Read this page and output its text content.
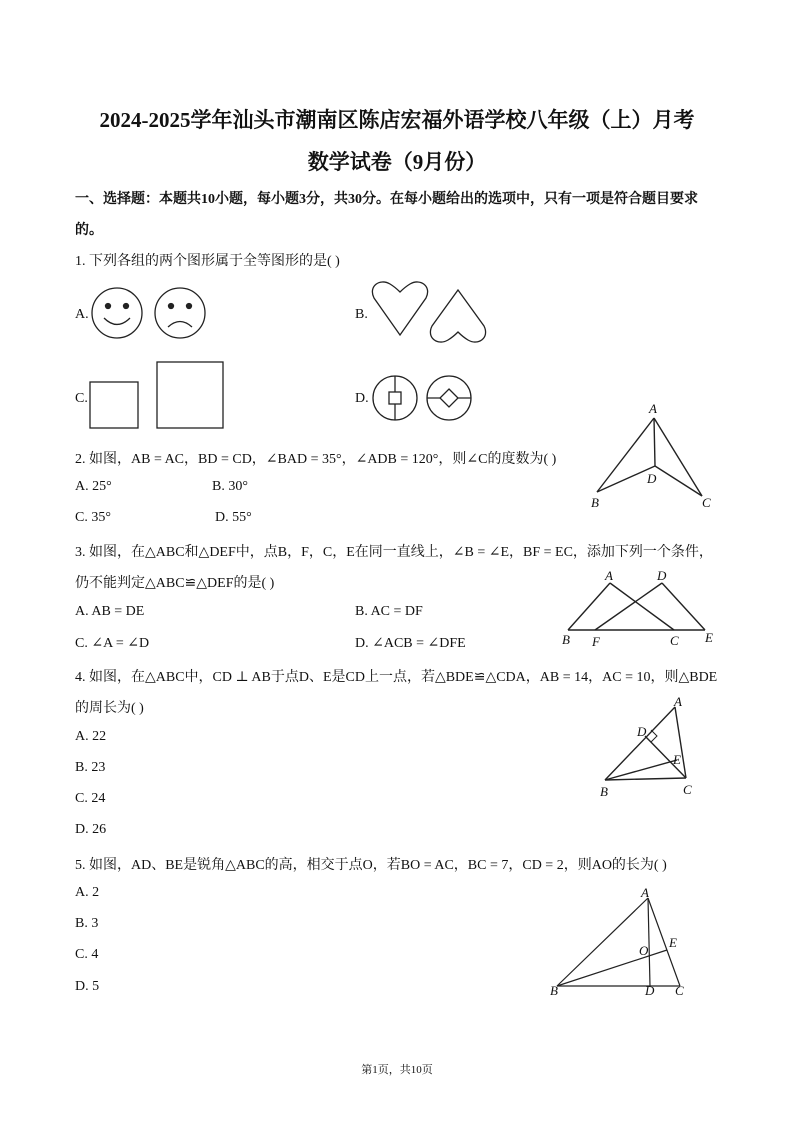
2024-2025学年汕头市潮南区陈店宏福外语学校八年级（上）月考
数学试卷（9月份）
一、选择题：本题共10小题，每小题3分，共30分。在每小题给出的选项中，只有一项是符合题目要求
的。
1. 下列各组的两个图形属于全等图形的是( )
A.	B.
C.	D.
2. 如图，AB = AC，BD = CD，∠BAD = 35°，∠ADB = 120°，则∠C的度数为( )
A. 25°	B. 30°
C. 35°	D. 55°
A
B	C
D
3. 如图，在△ABC和△DEF中，点B，F，C，E在同一直线上，∠B = ∠E，BF = EC，添加下列一个条件，
仍不能判定△ABC≌△DEF的是( )
A. AB = DE	B. AC = DF
C. ∠A = ∠D	D. ∠ACB = ∠DFE
A	D
B F	C E
4. 如图，在△ABC中，CD ⊥ AB于点D、E是CD上一点，若△BDE≌△CDA，AB = 14，AC = 10，则△BDE
的周长为( )
A. 22
B. 23
C. 24
D. 26
A
D
E
B	C
5. 如图，AD、BE是锐角△ABC的高，相交于点O，若BO = AC，BC = 7，CD = 2，则AO的长为( )
A. 2
B. 3
C. 4
D. 5
A
O
E
B	D C
第1页，共10页
